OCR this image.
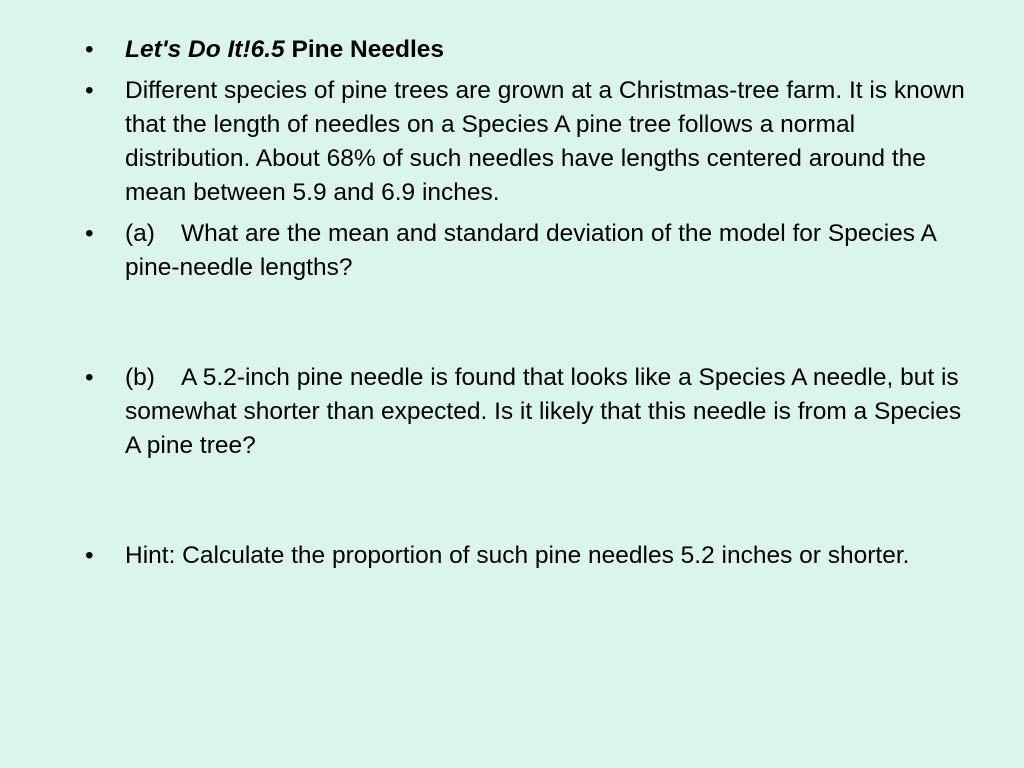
• Let's Do It!6.5 Pine Needles
• Different species of pine trees are grown at a Christmas-tree farm. It is known that the length of needles on a Species A pine tree follows a normal distribution. About 68% of such needles have lengths centered around the mean between 5.9 and 6.9 inches.
• (a) What are the mean and standard deviation of the model for Species A pine-needle lengths?
• (b) A 5.2-inch pine needle is found that looks like a Species A needle, but is somewhat shorter than expected. Is it likely that this needle is from a Species A pine tree?
• Hint: Calculate the proportion of such pine needles 5.2 inches or shorter.
